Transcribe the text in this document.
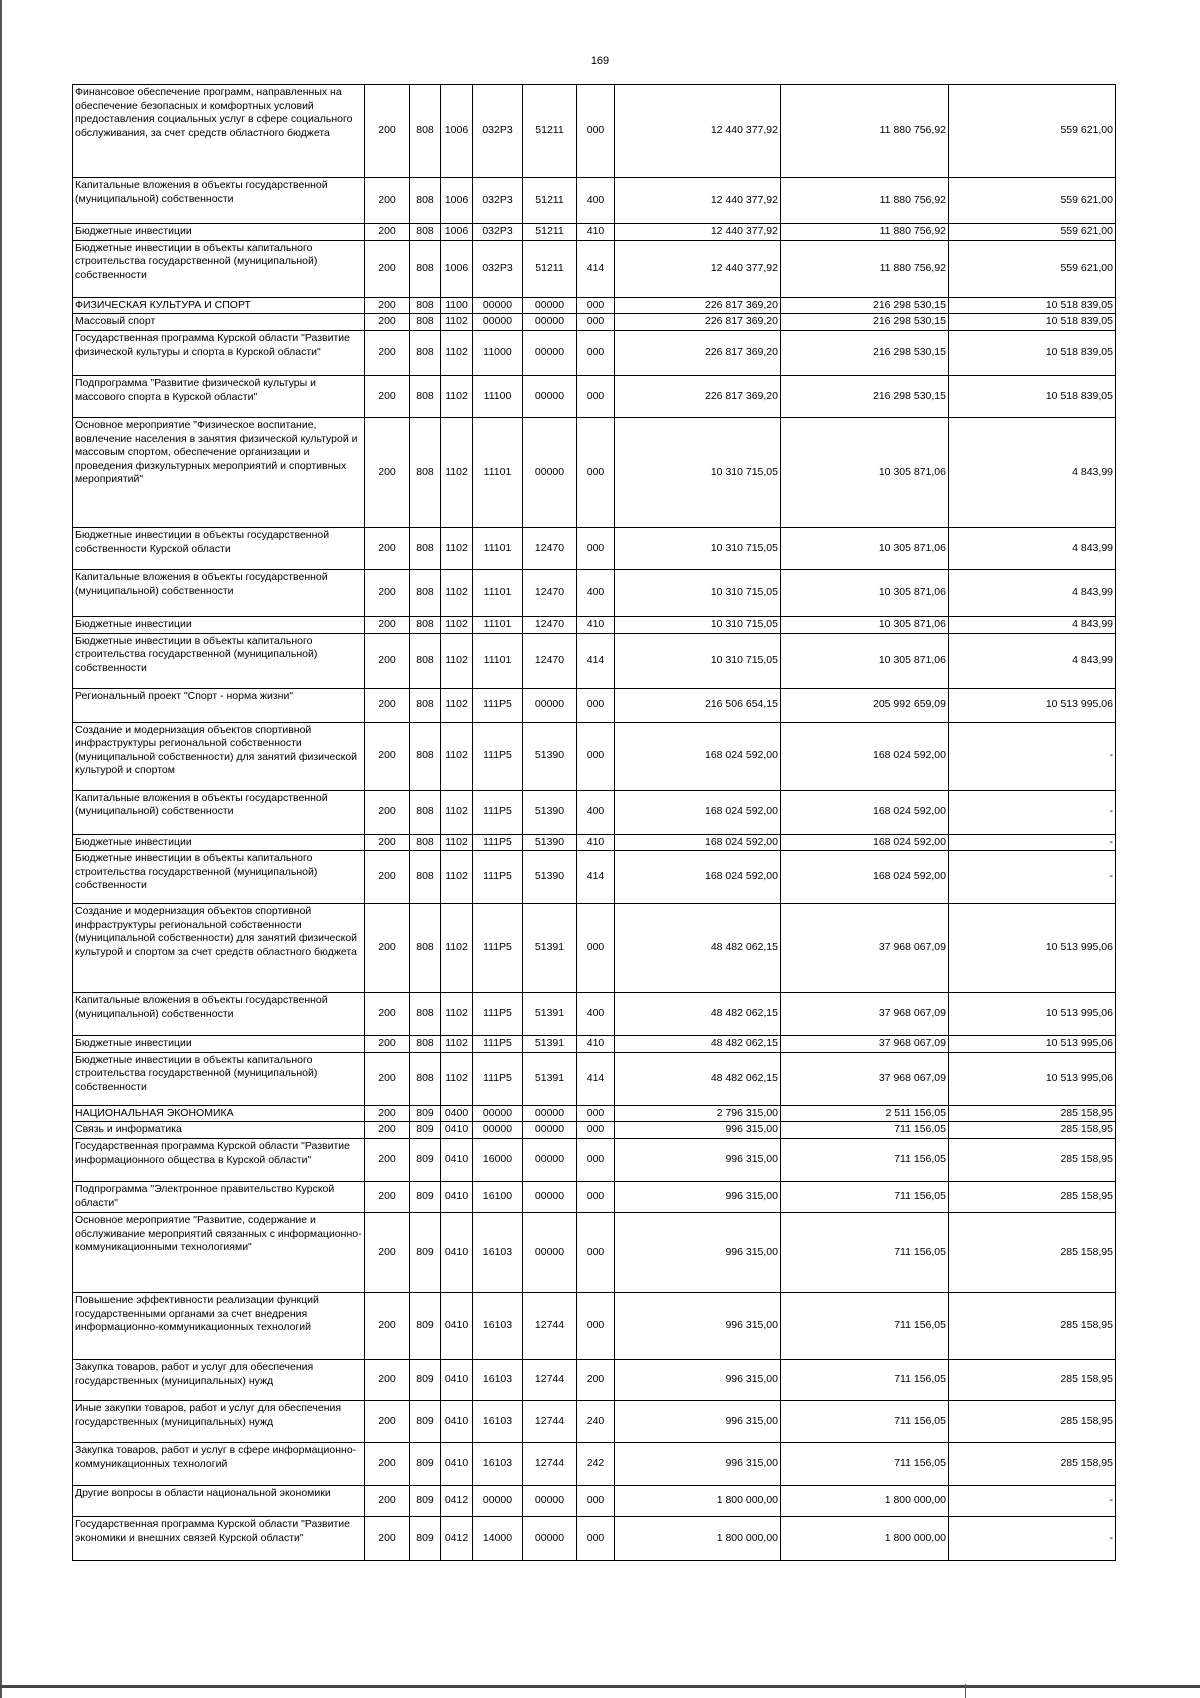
169
Финансовое обеспечение программ, направленных на обеспечение безопасных и комфортных условий предоставления социальных услуг в сфере социального обслуживания, за счет средств областного бюджета	200	808	1006	032P3	51211	000	12 440 377,92	11 880 756,92	559 621,00
Капитальные вложения в объекты государственной (муниципальной) собственности	200	808	1006	032P3	51211	400	12 440 377,92	11 880 756,92	559 621,00
Бюджетные инвестиции	200	808	1006	032P3	51211	410	12 440 377,92	11 880 756,92	559 621,00
Бюджетные инвестиции в объекты капитального строительства государственной (муниципальной) собственности	200	808	1006	032P3	51211	414	12 440 377,92	11 880 756,92	559 621,00
ФИЗИЧЕСКАЯ КУЛЬТУРА И СПОРТ	200	808	1100	00000	00000	000	226 817 369,20	216 298 530,15	10 518 839,05
Массовый спорт	200	808	1102	00000	00000	000	226 817 369,20	216 298 530,15	10 518 839,05
Государственная программа Курской области "Развитие физической культуры и спорта в Курской области"	200	808	1102	11000	00000	000	226 817 369,20	216 298 530,15	10 518 839,05
Подпрограмма "Развитие физической культуры и массового спорта в Курской области"	200	808	1102	11100	00000	000	226 817 369,20	216 298 530,15	10 518 839,05
Основное мероприятие "Физическое воспитание, вовлечение населения в занятия физической культурой и массовым спортом, обеспечение организации и проведения физкультурных мероприятий и спортивных мероприятий"	200	808	1102	11101	00000	000	10 310 715,05	10 305 871,06	4 843,99
Бюджетные инвестиции в объекты государственной собственности Курской области	200	808	1102	11101	12470	000	10 310 715,05	10 305 871,06	4 843,99
Капитальные вложения в объекты государственной (муниципальной) собственности	200	808	1102	11101	12470	400	10 310 715,05	10 305 871,06	4 843,99
Бюджетные инвестиции	200	808	1102	11101	12470	410	10 310 715,05	10 305 871,06	4 843,99
Бюджетные инвестиции в объекты капитального строительства государственной (муниципальной) собственности	200	808	1102	11101	12470	414	10 310 715,05	10 305 871,06	4 843,99
Региональный проект "Спорт - норма жизни"	200	808	1102	111P5	00000	000	216 506 654,15	205 992 659,09	10 513 995,06
Создание и модернизация объектов спортивной инфраструктуры региональной собственности (муниципальной собственности) для занятий физической культурой и спортом	200	808	1102	111P5	51390	000	168 024 592,00	168 024 592,00	-
Капитальные вложения в объекты государственной (муниципальной) собственности	200	808	1102	111P5	51390	400	168 024 592,00	168 024 592,00	-
Бюджетные инвестиции	200	808	1102	111P5	51390	410	168 024 592,00	168 024 592,00	-
Бюджетные инвестиции в объекты капитального строительства государственной (муниципальной) собственности	200	808	1102	111P5	51390	414	168 024 592,00	168 024 592,00	-
Создание и модернизация объектов спортивной инфраструктуры региональной собственности (муниципальной собственности) для занятий физической культурой и спортом за счет средств областного бюджета	200	808	1102	111P5	51391	000	48 482 062,15	37 968 067,09	10 513 995,06
Капитальные вложения в объекты государственной (муниципальной) собственности	200	808	1102	111P5	51391	400	48 482 062,15	37 968 067,09	10 513 995,06
Бюджетные инвестиции	200	808	1102	111P5	51391	410	48 482 062,15	37 968 067,09	10 513 995,06
Бюджетные инвестиции в объекты капитального строительства государственной (муниципальной) собственности	200	808	1102	111P5	51391	414	48 482 062,15	37 968 067,09	10 513 995,06
НАЦИОНАЛЬНАЯ ЭКОНОМИКА	200	809	0400	00000	00000	000	2 796 315,00	2 511 156,05	285 158,95
Связь и информатика	200	809	0410	00000	00000	000	996 315,00	711 156,05	285 158,95
Государственная программа Курской области "Развитие информационного общества в Курской области"	200	809	0410	16000	00000	000	996 315,00	711 156,05	285 158,95
Подпрограмма "Электронное правительство Курской области"	200	809	0410	16100	00000	000	996 315,00	711 156,05	285 158,95
Основное мероприятие "Развитие, содержание и обслуживание мероприятий связанных с информационно-коммуникационными технологиями"	200	809	0410	16103	00000	000	996 315,00	711 156,05	285 158,95
Повышение эффективности реализации функций государственными органами за счет внедрения информационно-коммуникационных технологий	200	809	0410	16103	12744	000	996 315,00	711 156,05	285 158,95
Закупка товаров, работ и услуг для обеспечения государственных (муниципальных) нужд	200	809	0410	16103	12744	200	996 315,00	711 156,05	285 158,95
Иные закупки товаров, работ и услуг для обеспечения государственных (муниципальных) нужд	200	809	0410	16103	12744	240	996 315,00	711 156,05	285 158,95
Закупка товаров, работ и услуг в сфере информационно-коммуникационных технологий	200	809	0410	16103	12744	242	996 315,00	711 156,05	285 158,95
Другие вопросы в области национальной экономики	200	809	0412	00000	00000	000	1 800 000,00	1 800 000,00	-
Государственная программа Курской области "Развитие экономики и внешних связей Курской области"	200	809	0412	14000	00000	000	1 800 000,00	1 800 000,00	-
